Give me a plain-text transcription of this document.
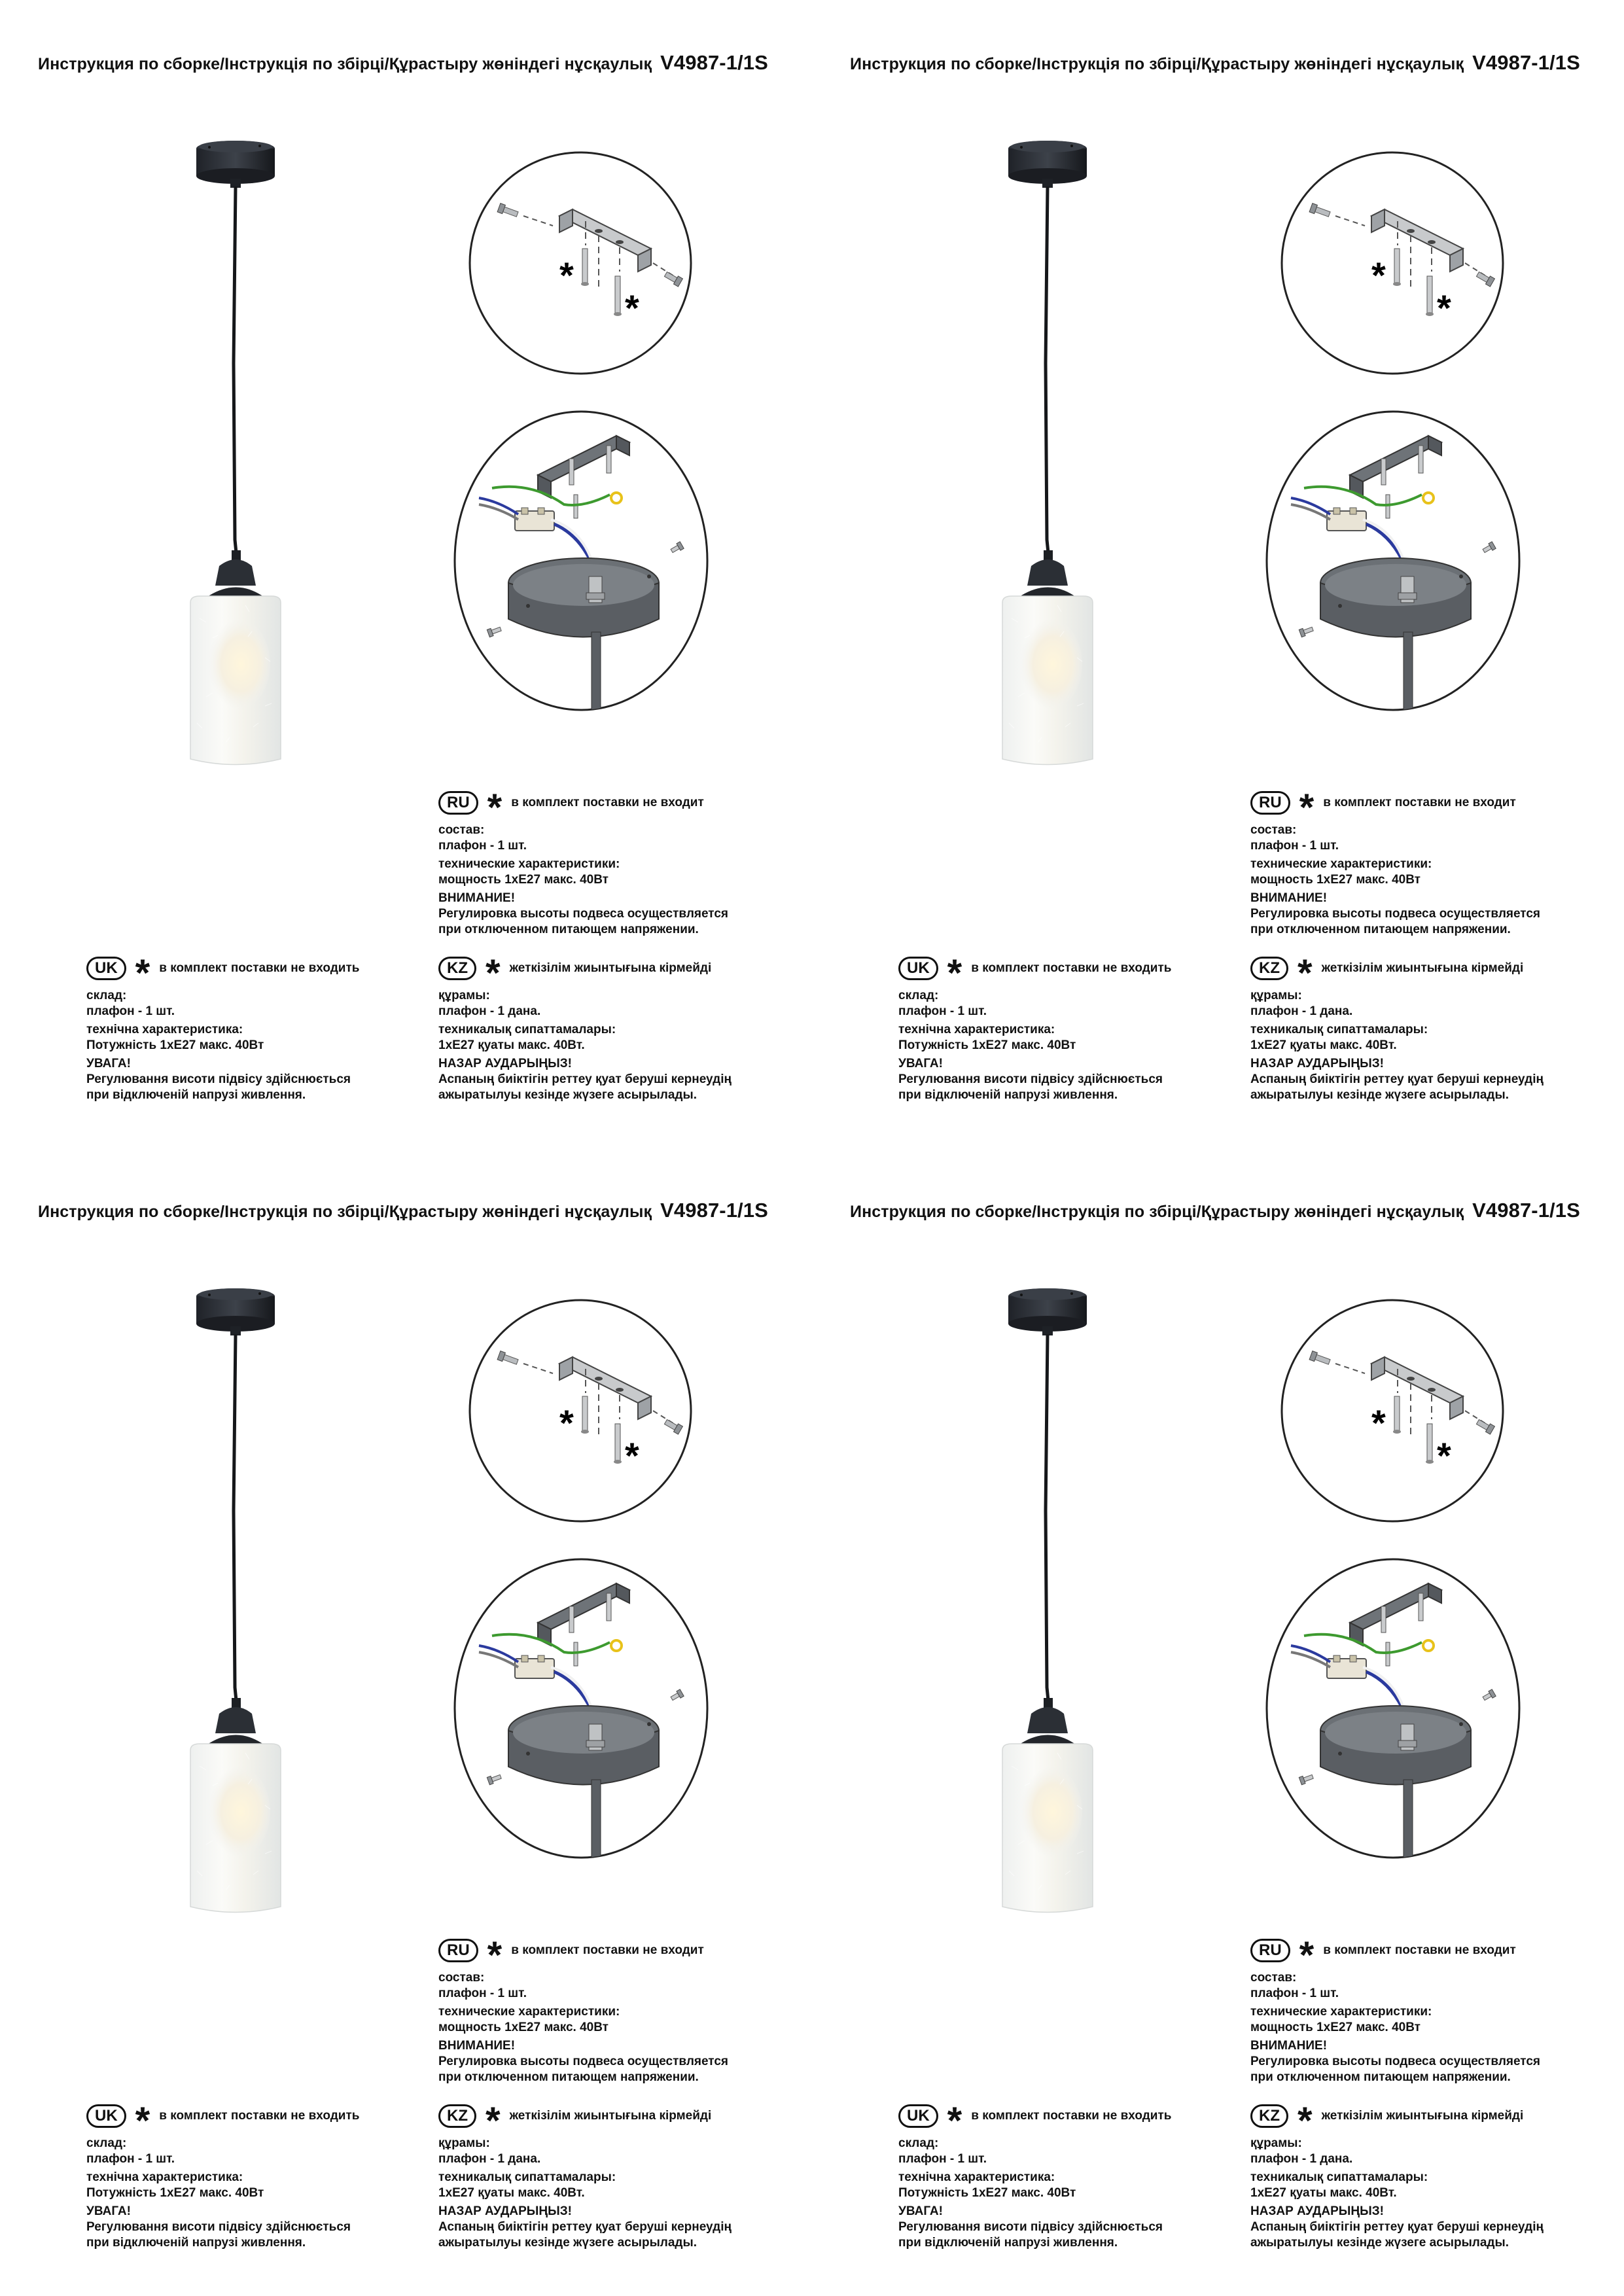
Инструкция по сборке/Інструкція по збірці/Құрастыру жөніндегі нұсқаулық V4987-1/1S
*
*
RU * в комплект поставки не входит
состав:
плафон - 1 шт.
технические характеристики:
мощность 1xE27 макс. 40Вт
ВНИМАНИЕ!
Регулировка высоты подвеса осуществляется
при отключенном питающем напряжении.
UK * в комплект поставки не входить
склад:
плафон - 1 шт.
технічна характеристика:
Потужність 1xE27 макс. 40Вт
УВАГА!
Регулювання висоти підвісу здійснюється
при відключеній напрузі живлення.
KZ * жеткізілім жиынтығына кірмейді
құрамы:
плафон - 1 дана.
техникалық сипаттамалары:
1xE27 қуаты макс. 40Вт.
НАЗАР АУДАРЫҢЫЗ!
Аспаның биіктігін реттеу қуат беруші кернеудің
ажыратылуы кезінде жүзеге асырылады.
Инструкция по сборке/Інструкція по збірці/Құрастыру жөніндегі нұсқаулық V4987-1/1S
*
*
RU * в комплект поставки не входит
состав:
плафон - 1 шт.
технические характеристики:
мощность 1xE27 макс. 40Вт
ВНИМАНИЕ!
Регулировка высоты подвеса осуществляется
при отключенном питающем напряжении.
UK * в комплект поставки не входить
склад:
плафон - 1 шт.
технічна характеристика:
Потужність 1xE27 макс. 40Вт
УВАГА!
Регулювання висоти підвісу здійснюється
при відключеній напрузі живлення.
KZ * жеткізілім жиынтығына кірмейді
құрамы:
плафон - 1 дана.
техникалық сипаттамалары:
1xE27 қуаты макс. 40Вт.
НАЗАР АУДАРЫҢЫЗ!
Аспаның биіктігін реттеу қуат беруші кернеудің
ажыратылуы кезінде жүзеге асырылады.
Инструкция по сборке/Інструкція по збірці/Құрастыру жөніндегі нұсқаулық V4987-1/1S
*
*
RU * в комплект поставки не входит
состав:
плафон - 1 шт.
технические характеристики:
мощность 1xE27 макс. 40Вт
ВНИМАНИЕ!
Регулировка высоты подвеса осуществляется
при отключенном питающем напряжении.
UK * в комплект поставки не входить
склад:
плафон - 1 шт.
технічна характеристика:
Потужність 1xE27 макс. 40Вт
УВАГА!
Регулювання висоти підвісу здійснюється
при відключеній напрузі живлення.
KZ * жеткізілім жиынтығына кірмейді
құрамы:
плафон - 1 дана.
техникалық сипаттамалары:
1xE27 қуаты макс. 40Вт.
НАЗАР АУДАРЫҢЫЗ!
Аспаның биіктігін реттеу қуат беруші кернеудің
ажыратылуы кезінде жүзеге асырылады.
Инструкция по сборке/Інструкція по збірці/Құрастыру жөніндегі нұсқаулық V4987-1/1S
*
*
RU * в комплект поставки не входит
состав:
плафон - 1 шт.
технические характеристики:
мощность 1xE27 макс. 40Вт
ВНИМАНИЕ!
Регулировка высоты подвеса осуществляется
при отключенном питающем напряжении.
UK * в комплект поставки не входить
склад:
плафон - 1 шт.
технічна характеристика:
Потужність 1xE27 макс. 40Вт
УВАГА!
Регулювання висоти підвісу здійснюється
при відключеній напрузі живлення.
KZ * жеткізілім жиынтығына кірмейді
құрамы:
плафон - 1 дана.
техникалық сипаттамалары:
1xE27 қуаты макс. 40Вт.
НАЗАР АУДАРЫҢЫЗ!
Аспаның биіктігін реттеу қуат беруші кернеудің
ажыратылуы кезінде жүзеге асырылады.
